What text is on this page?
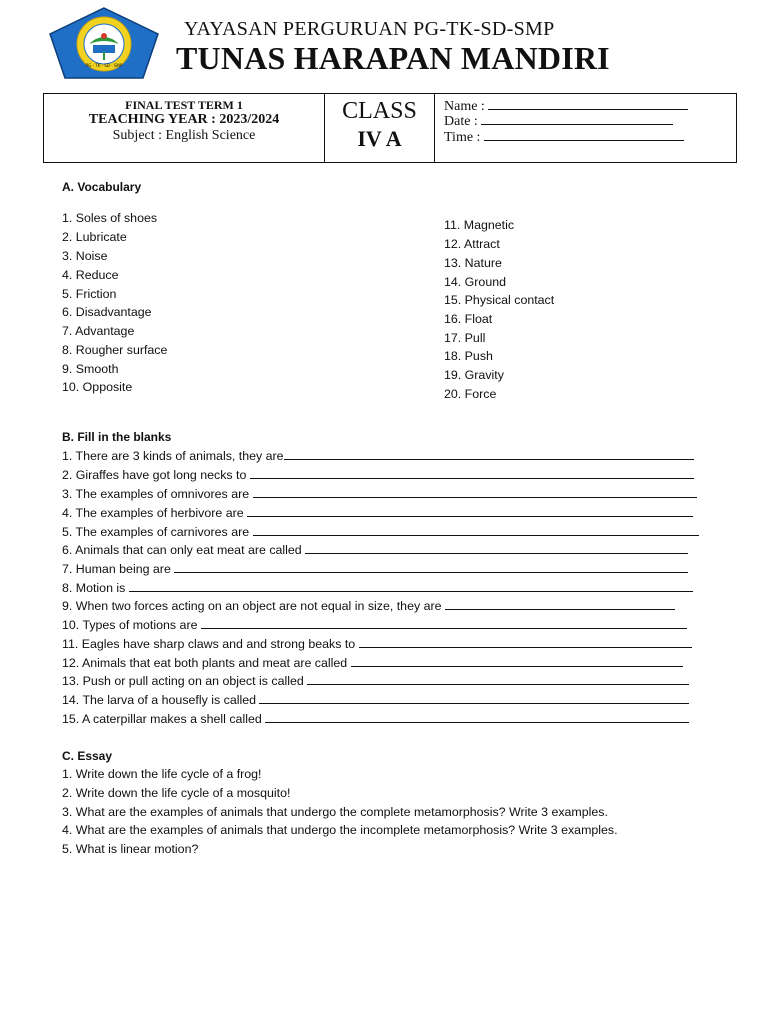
PG - TK - SD - SMP
YAYASAN PERGURUAN PG-TK-SD-SMP
TUNAS HARAPAN MANDIRI
FINAL TEST TERM 1
TEACHING YEAR : 2023/2024
Subject : English Science
CLASS
IV A
Name :
Date :
Time :
A. Vocabulary
1. Soles of shoes
2. Lubricate
3. Noise
4. Reduce
5. Friction
6. Disadvantage
7. Advantage
8. Rougher surface
9. Smooth
10. Opposite
11. Magnetic
12. Attract
13. Nature
14. Ground
15. Physical contact
16. Float
17. Pull
18. Push
19. Gravity
20. Force
B. Fill in the blanks
1. There are 3 kinds of animals, they are
2. Giraffes have got long necks to
3. The examples of omnivores are
4. The examples of herbivore are
5. The examples of carnivores are
6. Animals that can only eat meat are called
7. Human being are
8. Motion is
9. When two forces acting on an object are not equal in size, they are
10. Types of motions are
11. Eagles have sharp claws and and strong beaks to
12. Animals that eat both plants and meat are called
13. Push or pull acting on an object is called
14. The larva of a housefly is called
15. A caterpillar makes a shell called
C. Essay
1. Write down the life cycle of a frog!
2. Write down the life cycle of a mosquito!
3. What are the examples of animals that undergo the complete metamorphosis? Write 3 examples.
4. What are the examples of animals that undergo the incomplete metamorphosis? Write 3 examples.
5. What is linear motion?
